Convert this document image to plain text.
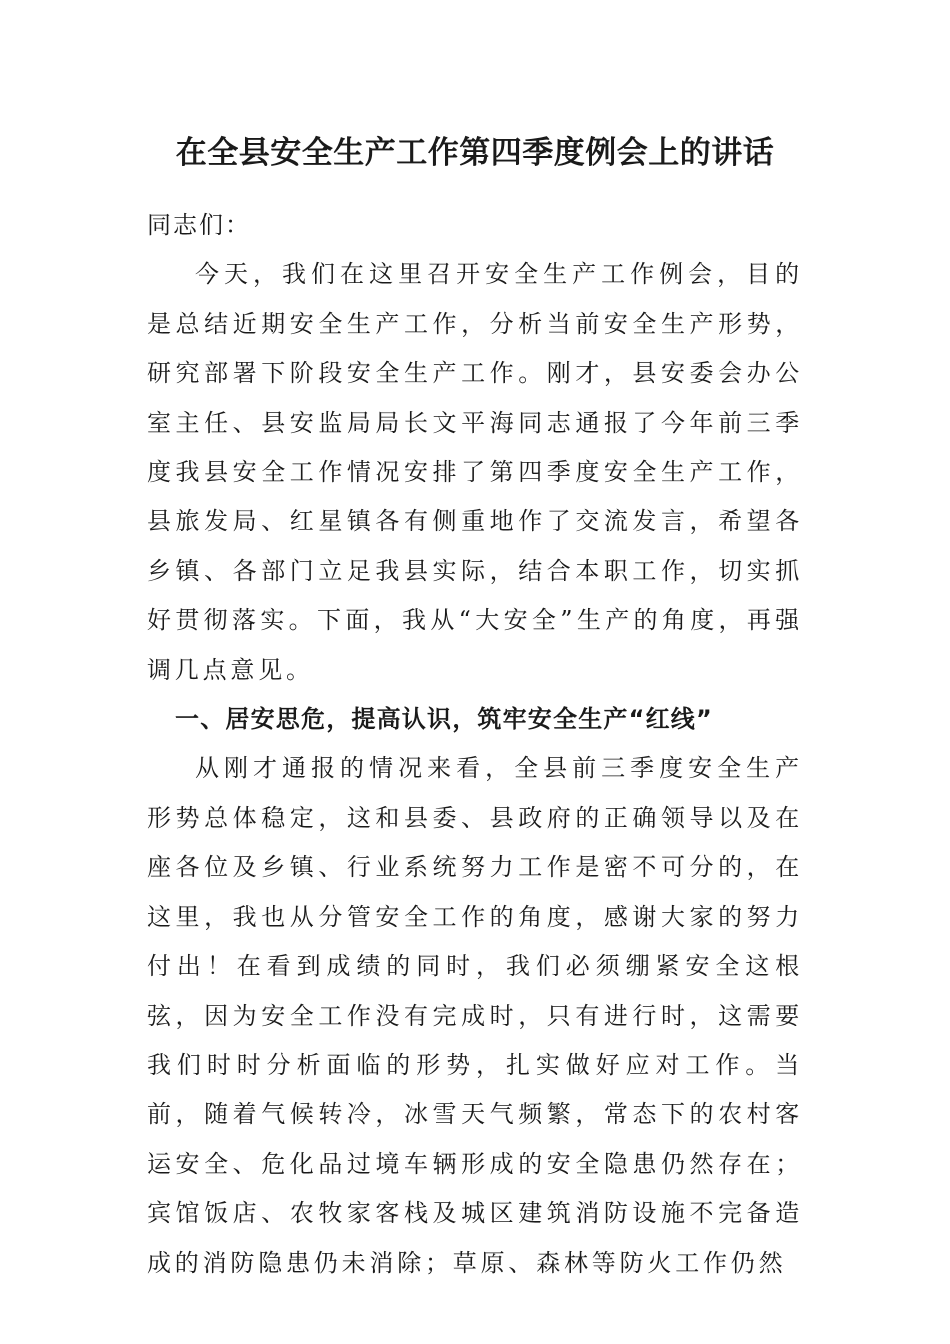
在全县安全生产工作第四季度例会上的讲话

同志们：

今天，我们在这里召开安全生产工作例会，目的是总结近期安全生产工作，分析当前安全生产形势，研究部署下阶段安全生产工作。刚才，县安委会办公室主任、县安监局局长文平海同志通报了今年前三季度我县安全工作情况安排了第四季度安全生产工作，县旅发局、红星镇各有侧重地作了交流发言，希望各乡镇、各部门立足我县实际，结合本职工作，切实抓好贯彻落实。下面，我从“大安全”生产的角度，再强调几点意见。

一、居安思危，提高认识，筑牢安全生产“红线”

从刚才通报的情况来看，全县前三季度安全生产形势总体稳定，这和县委、县政府的正确领导以及在座各位及乡镇、行业系统努力工作是密不可分的，在这里，我也从分管安全工作的角度，感谢大家的努力付出！在看到成绩的同时，我们必须绷紧安全这根弦，因为安全工作没有完成时，只有进行时，这需要我们时时分析面临的形势，扎实做好应对工作。当前，随着气候转冷，冰雪天气频繁，常态下的农村客运安全、危化品过境车辆形成的安全隐患仍然存在；宾馆饭店、农牧家客栈及城区建筑消防设施不完备造成的消防隐患仍未消除；草原、森林等防火工作仍然
